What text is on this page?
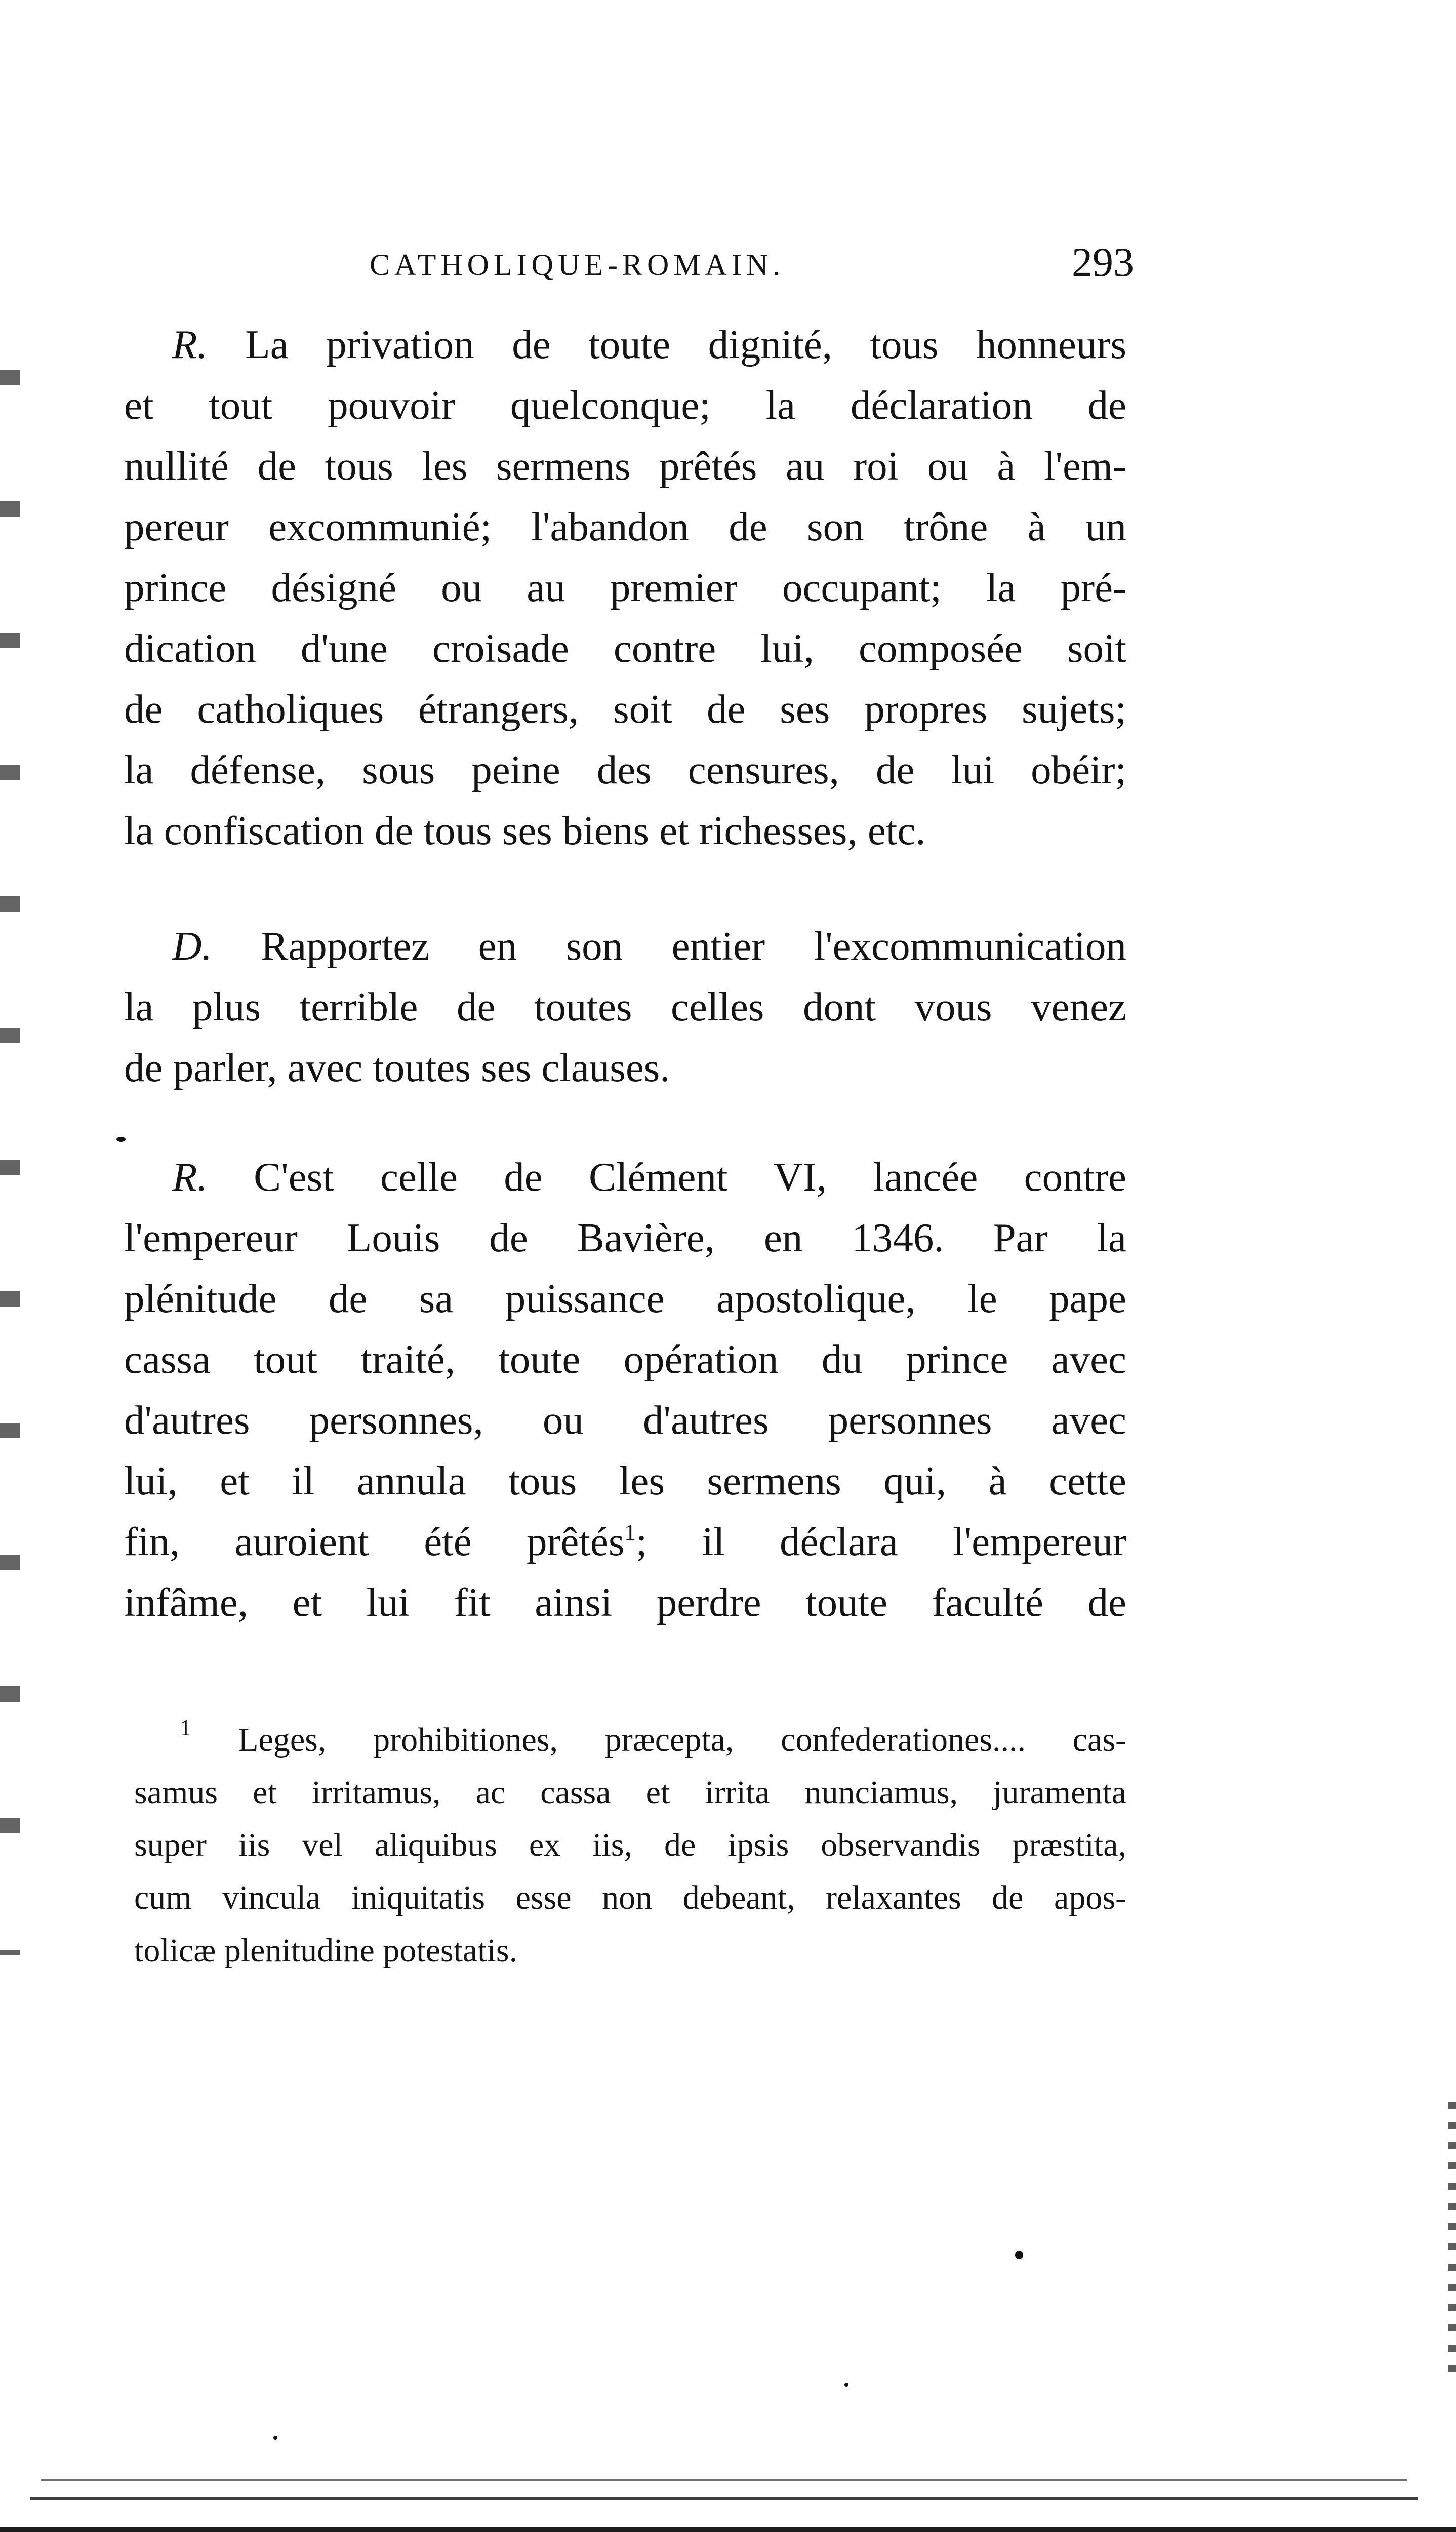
CATHOLIQUE-ROMAIN.	293
R. La privation de toute dignité, tous honneurs
et tout pouvoir quelconque; la déclaration de
nullité de tous les sermens prêtés au roi ou à l'em-
pereur excommunié; l'abandon de son trône à un
prince désigné ou au premier occupant; la pré-
dication d'une croisade contre lui, composée soit
de catholiques étrangers, soit de ses propres sujets;
la défense, sous peine des censures, de lui obéir;
la confiscation de tous ses biens et richesses, etc.
D. Rapportez en son entier l'excommunication
la plus terrible de toutes celles dont vous venez
de parler, avec toutes ses clauses.
R. C'est celle de Clément VI, lancée contre
l'empereur Louis de Bavière, en 1346. Par la
plénitude de sa puissance apostolique, le pape
cassa tout traité, toute opération du prince avec
d'autres personnes, ou d'autres personnes avec
lui, et il annula tous les sermens qui, à cette
fin, auroient été prêtés$^1$; il déclara l'empereur
infâme, et lui fit ainsi perdre toute faculté de
$^1$ Leges, prohibitiones, præcepta, confederationes.... cas-
samus et irritamus, ac cassa et irrita nunciamus, juramenta
super iis vel aliquibus ex iis, de ipsis observandis præstita,
cum vincula iniquitatis esse non debeant, relaxantes de apos-
tolicæ plenitudine potestatis.
